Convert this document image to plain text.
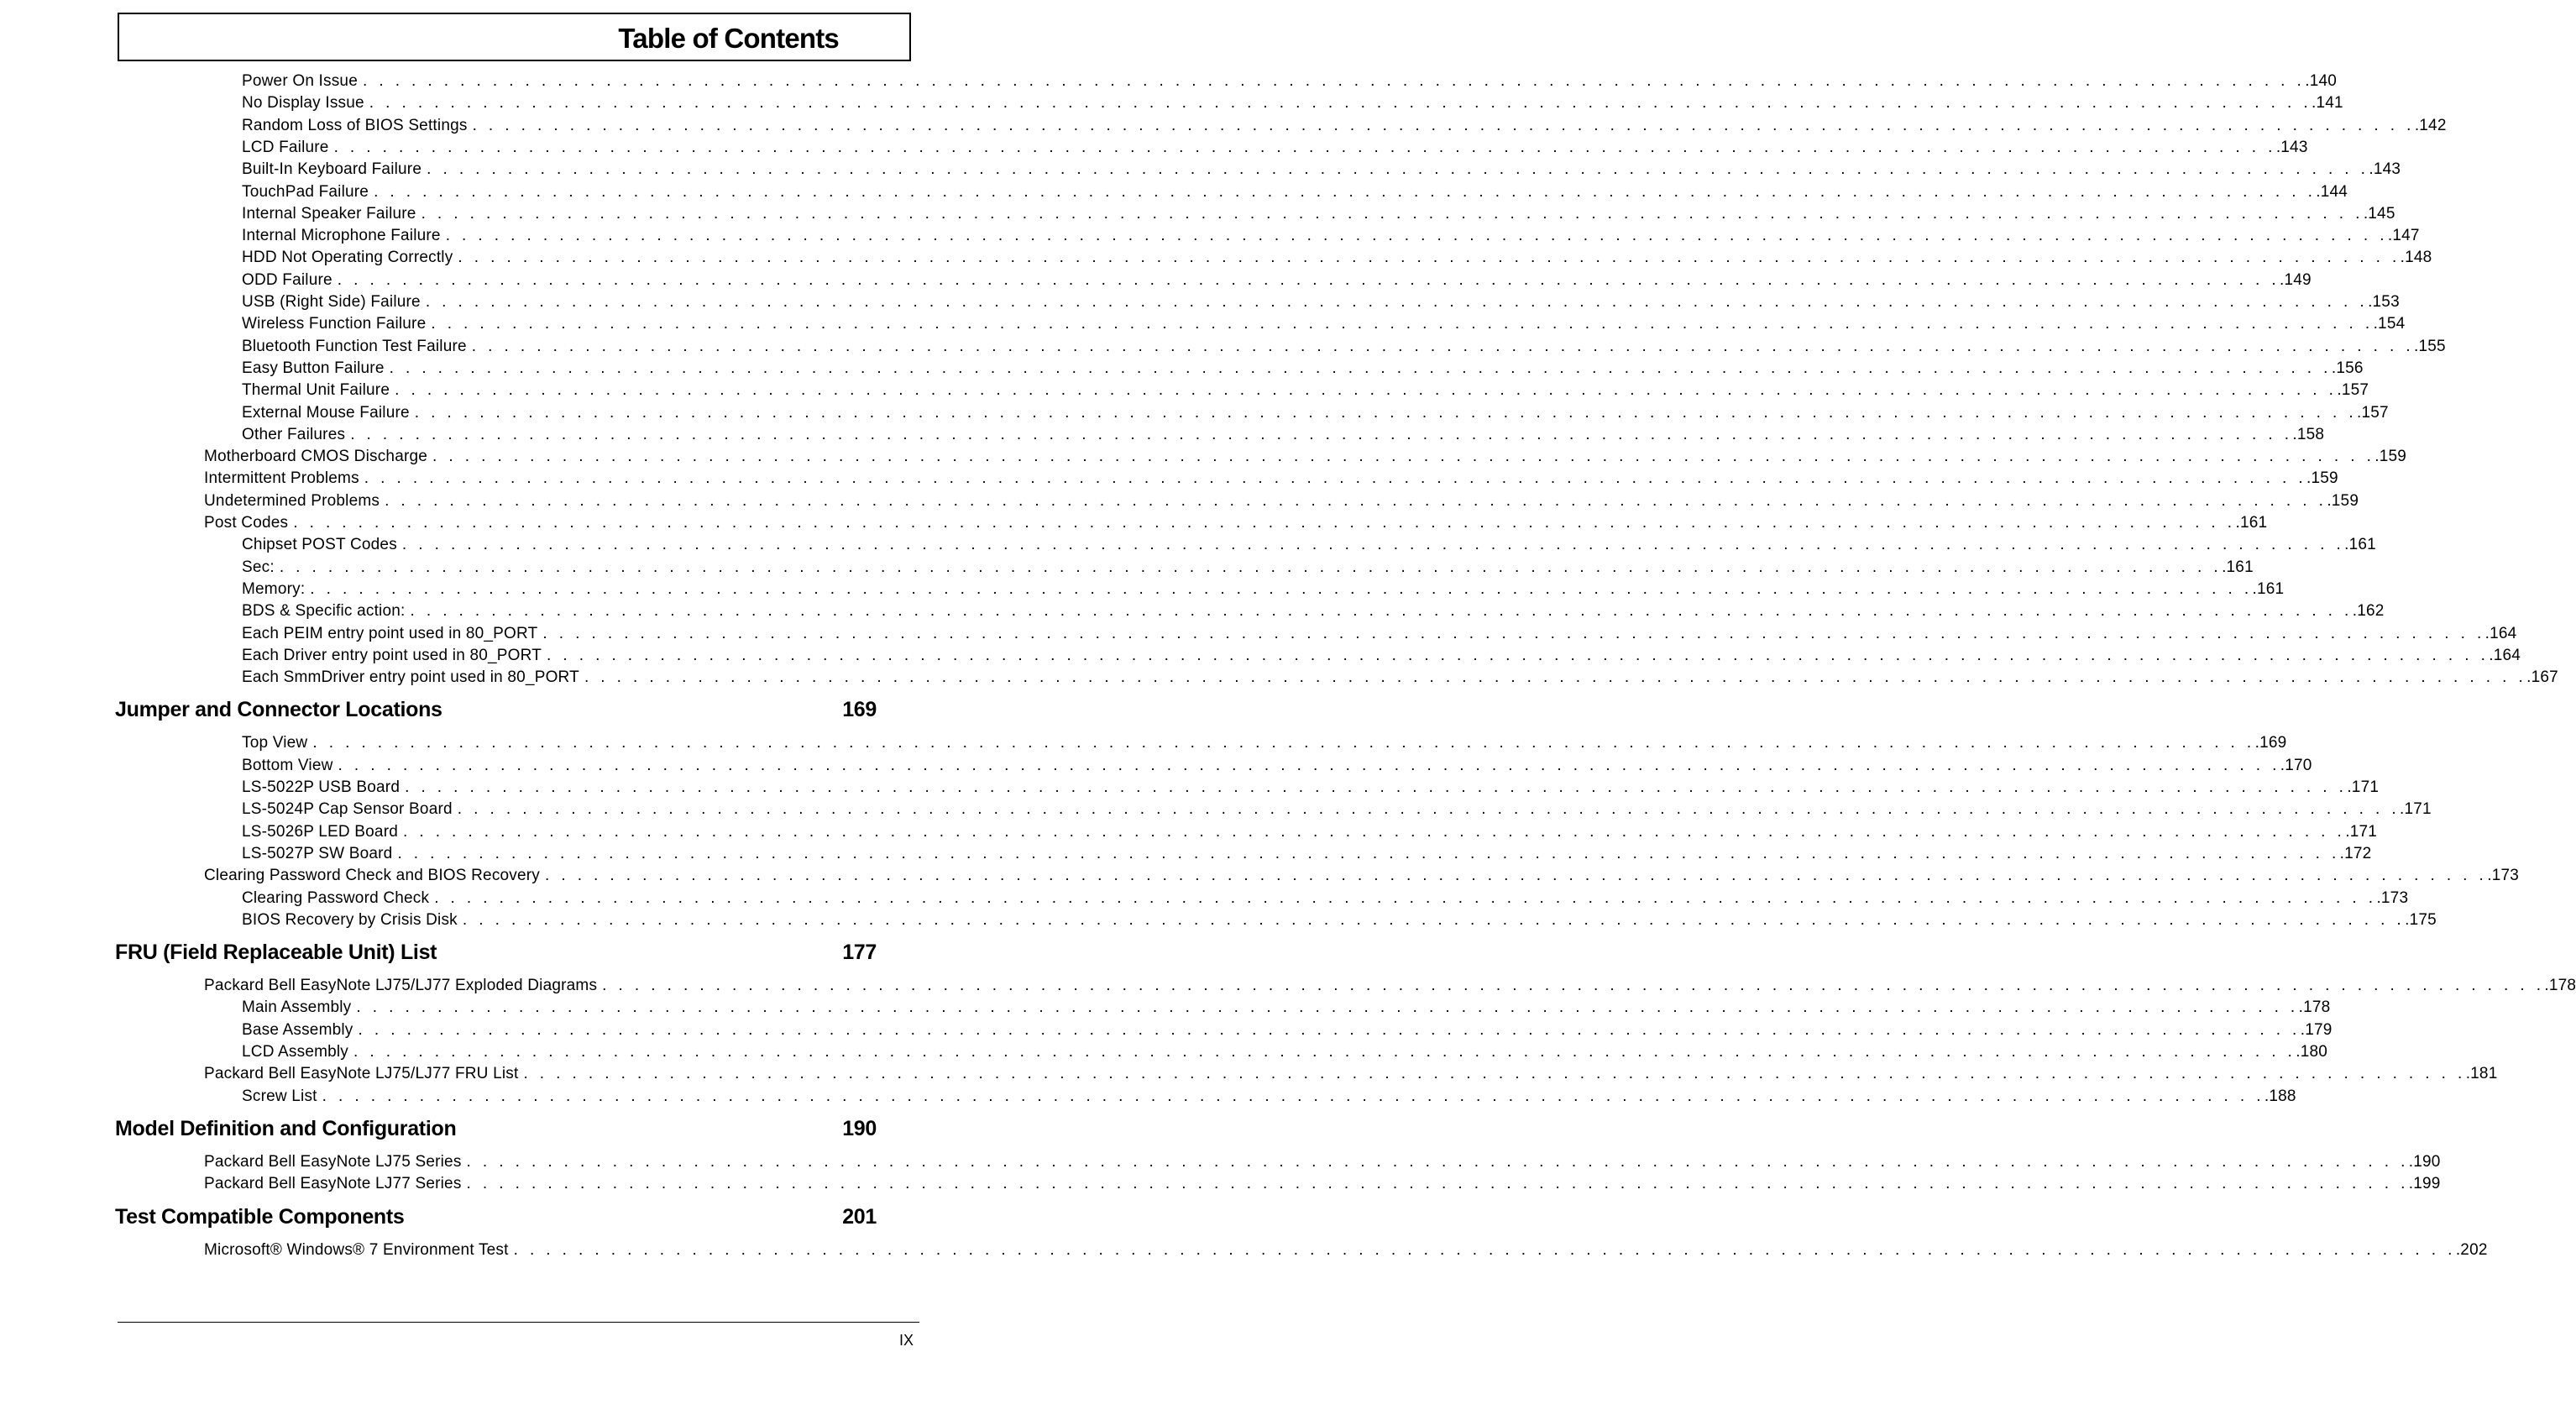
Table of Contents
Power On Issue . . . . . . . . . . . . . . . . . . . . . . . . . . . . . . . . . . . . . . . . . . . . . . . . . . . . . . . . . . . . . . . . . . . . . . . . . . . . . . . . . . . . . . . . . . . . . . . . . . . . . . . . . . . . . . . . . . . . . . . . .140
No Display Issue . . . . . . . . . . . . . . . . . . . . . . . . . . . . . . . . . . . . . . . . . . . . . . . . . . . . . . . . . . . . . . . . . . . . . . . . . . . . . . . . . . . . . . . . . . . . . . . . . . . . . . . . . . . . . . . . . . . . . . . . .141
Random Loss of BIOS Settings . . . . . . . . . . . . . . . . . . . . . . . . . . . . . . . . . . . . . . . . . . . . . . . . . . . . . . . . . . . . . . . . . . . . . . . . . . . . . . . . . . . . . . . . . . . . . . . . . . . . . . . . . . . . . . . . . . . . . . . . .142
LCD Failure . . . . . . . . . . . . . . . . . . . . . . . . . . . . . . . . . . . . . . . . . . . . . . . . . . . . . . . . . . . . . . . . . . . . . . . . . . . . . . . . . . . . . . . . . . . . . . . . . . . . . . . . . . . . . . . . . . . . . . . . .143
Built-In Keyboard Failure . . . . . . . . . . . . . . . . . . . . . . . . . . . . . . . . . . . . . . . . . . . . . . . . . . . . . . . . . . . . . . . . . . . . . . . . . . . . . . . . . . . . . . . . . . . . . . . . . . . . . . . . . . . . . . . . . . . . . . . . .143
TouchPad Failure . . . . . . . . . . . . . . . . . . . . . . . . . . . . . . . . . . . . . . . . . . . . . . . . . . . . . . . . . . . . . . . . . . . . . . . . . . . . . . . . . . . . . . . . . . . . . . . . . . . . . . . . . . . . . . . . . . . . . . . . .144
Internal Speaker Failure . . . . . . . . . . . . . . . . . . . . . . . . . . . . . . . . . . . . . . . . . . . . . . . . . . . . . . . . . . . . . . . . . . . . . . . . . . . . . . . . . . . . . . . . . . . . . . . . . . . . . . . . . . . . . . . . . . . . . . . . .145
Internal Microphone Failure . . . . . . . . . . . . . . . . . . . . . . . . . . . . . . . . . . . . . . . . . . . . . . . . . . . . . . . . . . . . . . . . . . . . . . . . . . . . . . . . . . . . . . . . . . . . . . . . . . . . . . . . . . . . . . . . . . . . . . . . .147
HDD Not Operating Correctly . . . . . . . . . . . . . . . . . . . . . . . . . . . . . . . . . . . . . . . . . . . . . . . . . . . . . . . . . . . . . . . . . . . . . . . . . . . . . . . . . . . . . . . . . . . . . . . . . . . . . . . . . . . . . . . . . . . . . . . . .148
ODD Failure . . . . . . . . . . . . . . . . . . . . . . . . . . . . . . . . . . . . . . . . . . . . . . . . . . . . . . . . . . . . . . . . . . . . . . . . . . . . . . . . . . . . . . . . . . . . . . . . . . . . . . . . . . . . . . . . . . . . . . . . .149
USB (Right Side) Failure . . . . . . . . . . . . . . . . . . . . . . . . . . . . . . . . . . . . . . . . . . . . . . . . . . . . . . . . . . . . . . . . . . . . . . . . . . . . . . . . . . . . . . . . . . . . . . . . . . . . . . . . . . . . . . . . . . . . . . . . .153
Wireless Function Failure . . . . . . . . . . . . . . . . . . . . . . . . . . . . . . . . . . . . . . . . . . . . . . . . . . . . . . . . . . . . . . . . . . . . . . . . . . . . . . . . . . . . . . . . . . . . . . . . . . . . . . . . . . . . . . . . . . . . . . . . .154
Bluetooth Function Test Failure . . . . . . . . . . . . . . . . . . . . . . . . . . . . . . . . . . . . . . . . . . . . . . . . . . . . . . . . . . . . . . . . . . . . . . . . . . . . . . . . . . . . . . . . . . . . . . . . . . . . . . . . . . . . . . . . . . . . . . . . .155
Easy Button Failure . . . . . . . . . . . . . . . . . . . . . . . . . . . . . . . . . . . . . . . . . . . . . . . . . . . . . . . . . . . . . . . . . . . . . . . . . . . . . . . . . . . . . . . . . . . . . . . . . . . . . . . . . . . . . . . . . . . . . . . . .156
Thermal Unit Failure . . . . . . . . . . . . . . . . . . . . . . . . . . . . . . . . . . . . . . . . . . . . . . . . . . . . . . . . . . . . . . . . . . . . . . . . . . . . . . . . . . . . . . . . . . . . . . . . . . . . . . . . . . . . . . . . . . . . . . . . .157
External Mouse Failure . . . . . . . . . . . . . . . . . . . . . . . . . . . . . . . . . . . . . . . . . . . . . . . . . . . . . . . . . . . . . . . . . . . . . . . . . . . . . . . . . . . . . . . . . . . . . . . . . . . . . . . . . . . . . . . . . . . . . . . . .157
Other Failures . . . . . . . . . . . . . . . . . . . . . . . . . . . . . . . . . . . . . . . . . . . . . . . . . . . . . . . . . . . . . . . . . . . . . . . . . . . . . . . . . . . . . . . . . . . . . . . . . . . . . . . . . . . . . . . . . . . . . . . . .158
Motherboard CMOS Discharge . . . . . . . . . . . . . . . . . . . . . . . . . . . . . . . . . . . . . . . . . . . . . . . . . . . . . . . . . . . . . . . . . . . . . . . . . . . . . . . . . . . . . . . . . . . . . . . . . . . . . . . . . . . . . . . . . . . . . . . . .159
Intermittent Problems . . . . . . . . . . . . . . . . . . . . . . . . . . . . . . . . . . . . . . . . . . . . . . . . . . . . . . . . . . . . . . . . . . . . . . . . . . . . . . . . . . . . . . . . . . . . . . . . . . . . . . . . . . . . . . . . . . . . . . . . .159
Undetermined Problems . . . . . . . . . . . . . . . . . . . . . . . . . . . . . . . . . . . . . . . . . . . . . . . . . . . . . . . . . . . . . . . . . . . . . . . . . . . . . . . . . . . . . . . . . . . . . . . . . . . . . . . . . . . . . . . . . . . . . . . . .159
Post Codes . . . . . . . . . . . . . . . . . . . . . . . . . . . . . . . . . . . . . . . . . . . . . . . . . . . . . . . . . . . . . . . . . . . . . . . . . . . . . . . . . . . . . . . . . . . . . . . . . . . . . . . . . . . . . . . . . . . . . . . . .161
Chipset POST Codes . . . . . . . . . . . . . . . . . . . . . . . . . . . . . . . . . . . . . . . . . . . . . . . . . . . . . . . . . . . . . . . . . . . . . . . . . . . . . . . . . . . . . . . . . . . . . . . . . . . . . . . . . . . . . . . . . . . . . . . . .161
Sec: . . . . . . . . . . . . . . . . . . . . . . . . . . . . . . . . . . . . . . . . . . . . . . . . . . . . . . . . . . . . . . . . . . . . . . . . . . . . . . . . . . . . . . . . . . . . . . . . . . . . . . . . . . . . . . . . . . . . . . . . .161
Memory: . . . . . . . . . . . . . . . . . . . . . . . . . . . . . . . . . . . . . . . . . . . . . . . . . . . . . . . . . . . . . . . . . . . . . . . . . . . . . . . . . . . . . . . . . . . . . . . . . . . . . . . . . . . . . . . . . . . . . . . . .161
BDS & Specific action: . . . . . . . . . . . . . . . . . . . . . . . . . . . . . . . . . . . . . . . . . . . . . . . . . . . . . . . . . . . . . . . . . . . . . . . . . . . . . . . . . . . . . . . . . . . . . . . . . . . . . . . . . . . . . . . . . . . . . . . . .162
Each PEIM entry point used in 80_PORT . . . . . . . . . . . . . . . . . . . . . . . . . . . . . . . . . . . . . . . . . . . . . . . . . . . . . . . . . . . . . . . . . . . . . . . . . . . . . . . . . . . . . . . . . . . . . . . . . . . . . . . . . . . . . . . . . . . . . . . . .164
Each Driver entry point used in 80_PORT . . . . . . . . . . . . . . . . . . . . . . . . . . . . . . . . . . . . . . . . . . . . . . . . . . . . . . . . . . . . . . . . . . . . . . . . . . . . . . . . . . . . . . . . . . . . . . . . . . . . . . . . . . . . . . . . . . . . . . . . .164
Each SmmDriver entry point used in 80_PORT . . . . . . . . . . . . . . . . . . . . . . . . . . . . . . . . . . . . . . . . . . . . . . . . . . . . . . . . . . . . . . . . . . . . . . . . . . . . . . . . . . . . . . . . . . . . . . . . . . . . . . . . . . . . . . . . . . . . . . . . .167
Jumper and Connector Locations	169
Top View . . . . . . . . . . . . . . . . . . . . . . . . . . . . . . . . . . . . . . . . . . . . . . . . . . . . . . . . . . . . . . . . . . . . . . . . . . . . . . . . . . . . . . . . . . . . . . . . . . . . . . . . . . . . . . . . . . . . . . . . .169
Bottom View . . . . . . . . . . . . . . . . . . . . . . . . . . . . . . . . . . . . . . . . . . . . . . . . . . . . . . . . . . . . . . . . . . . . . . . . . . . . . . . . . . . . . . . . . . . . . . . . . . . . . . . . . . . . . . . . . . . . . . . . .170
LS-5022P USB Board . . . . . . . . . . . . . . . . . . . . . . . . . . . . . . . . . . . . . . . . . . . . . . . . . . . . . . . . . . . . . . . . . . . . . . . . . . . . . . . . . . . . . . . . . . . . . . . . . . . . . . . . . . . . . . . . . . . . . . . . .171
LS-5024P Cap Sensor Board . . . . . . . . . . . . . . . . . . . . . . . . . . . . . . . . . . . . . . . . . . . . . . . . . . . . . . . . . . . . . . . . . . . . . . . . . . . . . . . . . . . . . . . . . . . . . . . . . . . . . . . . . . . . . . . . . . . . . . . . .171
LS-5026P LED Board . . . . . . . . . . . . . . . . . . . . . . . . . . . . . . . . . . . . . . . . . . . . . . . . . . . . . . . . . . . . . . . . . . . . . . . . . . . . . . . . . . . . . . . . . . . . . . . . . . . . . . . . . . . . . . . . . . . . . . . . .171
LS-5027P SW Board . . . . . . . . . . . . . . . . . . . . . . . . . . . . . . . . . . . . . . . . . . . . . . . . . . . . . . . . . . . . . . . . . . . . . . . . . . . . . . . . . . . . . . . . . . . . . . . . . . . . . . . . . . . . . . . . . . . . . . . . .172
Clearing Password Check and BIOS Recovery . . . . . . . . . . . . . . . . . . . . . . . . . . . . . . . . . . . . . . . . . . . . . . . . . . . . . . . . . . . . . . . . . . . . . . . . . . . . . . . . . . . . . . . . . . . . . . . . . . . . . . . . . . . . . . . . . . . . . . . . .173
Clearing Password Check . . . . . . . . . . . . . . . . . . . . . . . . . . . . . . . . . . . . . . . . . . . . . . . . . . . . . . . . . . . . . . . . . . . . . . . . . . . . . . . . . . . . . . . . . . . . . . . . . . . . . . . . . . . . . . . . . . . . . . . . .173
BIOS Recovery by Crisis Disk . . . . . . . . . . . . . . . . . . . . . . . . . . . . . . . . . . . . . . . . . . . . . . . . . . . . . . . . . . . . . . . . . . . . . . . . . . . . . . . . . . . . . . . . . . . . . . . . . . . . . . . . . . . . . . . . . . . . . . . . .175
FRU (Field Replaceable Unit) List	177
Packard Bell EasyNote LJ75/LJ77 Exploded Diagrams . . . . . . . . . . . . . . . . . . . . . . . . . . . . . . . . . . . . . . . . . . . . . . . . . . . . . . . . . . . . . . . . . . . . . . . . . . . . . . . . . . . . . . . . . . . . . . . . . . . . . . . . . . . . . . . . . . . . . . . . .178
Main Assembly . . . . . . . . . . . . . . . . . . . . . . . . . . . . . . . . . . . . . . . . . . . . . . . . . . . . . . . . . . . . . . . . . . . . . . . . . . . . . . . . . . . . . . . . . . . . . . . . . . . . . . . . . . . . . . . . . . . . . . . . .178
Base Assembly . . . . . . . . . . . . . . . . . . . . . . . . . . . . . . . . . . . . . . . . . . . . . . . . . . . . . . . . . . . . . . . . . . . . . . . . . . . . . . . . . . . . . . . . . . . . . . . . . . . . . . . . . . . . . . . . . . . . . . . . .179
LCD Assembly . . . . . . . . . . . . . . . . . . . . . . . . . . . . . . . . . . . . . . . . . . . . . . . . . . . . . . . . . . . . . . . . . . . . . . . . . . . . . . . . . . . . . . . . . . . . . . . . . . . . . . . . . . . . . . . . . . . . . . . . .180
Packard Bell EasyNote LJ75/LJ77 FRU List . . . . . . . . . . . . . . . . . . . . . . . . . . . . . . . . . . . . . . . . . . . . . . . . . . . . . . . . . . . . . . . . . . . . . . . . . . . . . . . . . . . . . . . . . . . . . . . . . . . . . . . . . . . . . . . . . . . . . . . . .181
Screw List . . . . . . . . . . . . . . . . . . . . . . . . . . . . . . . . . . . . . . . . . . . . . . . . . . . . . . . . . . . . . . . . . . . . . . . . . . . . . . . . . . . . . . . . . . . . . . . . . . . . . . . . . . . . . . . . . . . . . . . . .188
Model Definition and Configuration	190
Packard Bell EasyNote LJ75 Series . . . . . . . . . . . . . . . . . . . . . . . . . . . . . . . . . . . . . . . . . . . . . . . . . . . . . . . . . . . . . . . . . . . . . . . . . . . . . . . . . . . . . . . . . . . . . . . . . . . . . . . . . . . . . . . . . . . . . . . . .190
Packard Bell EasyNote LJ77 Series . . . . . . . . . . . . . . . . . . . . . . . . . . . . . . . . . . . . . . . . . . . . . . . . . . . . . . . . . . . . . . . . . . . . . . . . . . . . . . . . . . . . . . . . . . . . . . . . . . . . . . . . . . . . . . . . . . . . . . . . .199
Test Compatible Components	201
Microsoft® Windows® 7 Environment Test . . . . . . . . . . . . . . . . . . . . . . . . . . . . . . . . . . . . . . . . . . . . . . . . . . . . . . . . . . . . . . . . . . . . . . . . . . . . . . . . . . . . . . . . . . . . . . . . . . . . . . . . . . . . . . . . . . . . . . . . .202
IX
